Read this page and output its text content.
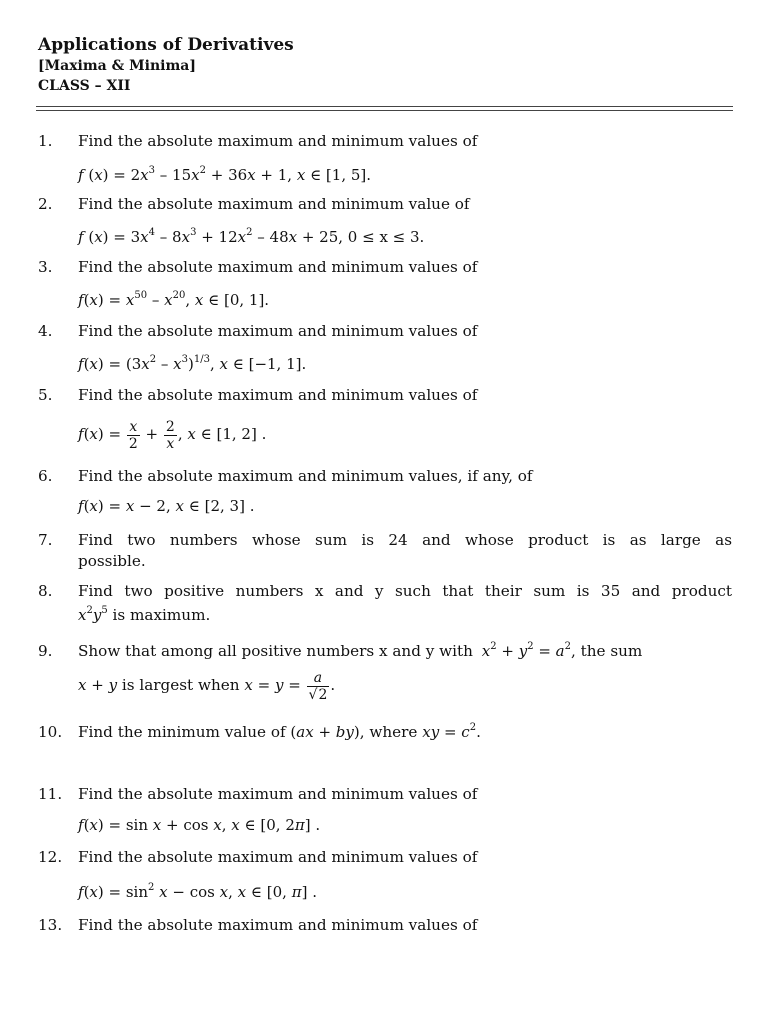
Applications of Derivatives
[Maxima & Minima]
CLASS – XII
1. Find the absolute maximum and minimum values of
f $(x) = 2x^3 - 15x^2 + 36x + 1$, x ∈ [1, 5].
2. Find the absolute maximum and minimum value of
f $(x) = 3x^4 - 8x^3 + 12x^2 - 48x + 25$, 0 ≤ x ≤ 3.
3. Find the absolute maximum and minimum values of
$f(x) = x^{50} - x^{20}$, x ∈ [0, 1].
4. Find the absolute maximum and minimum values of
$f(x) = (3x^2 - x^3)^{1/3}$, x ∈ [−1, 1].
5. Find the absolute maximum and minimum values of
$f(x) = \frac{x}{2} + \frac{2}{x}$ , x ∈ [1, 2] .
6. Find the absolute maximum and minimum values, if any, of
f(x) = x − 2, x ∈ [2, 3] .
7. Find two numbers whose sum is 24 and whose product is as large as
possible.
8. Find two positive numbers x and y such that their sum is 35 and product
$x^2y^5$ is maximum.
9. Show that among all positive numbers x and y with $x^2 + y^2 = a^2$, the sum
x + y is largest when $x = y = \frac{a}{√2}$ .
10. Find the minimum value of (ax + by), where xy = $c^2$.
11. Find the absolute maximum and minimum values of
f(x) = sin x + cos x, x ∈ [0, 2π] .
12. Find the absolute maximum and minimum values of
$f(x) = \sin^2 x - \cos x$, x ∈ [0, π] .
13. Find the absolute maximum and minimum values of
